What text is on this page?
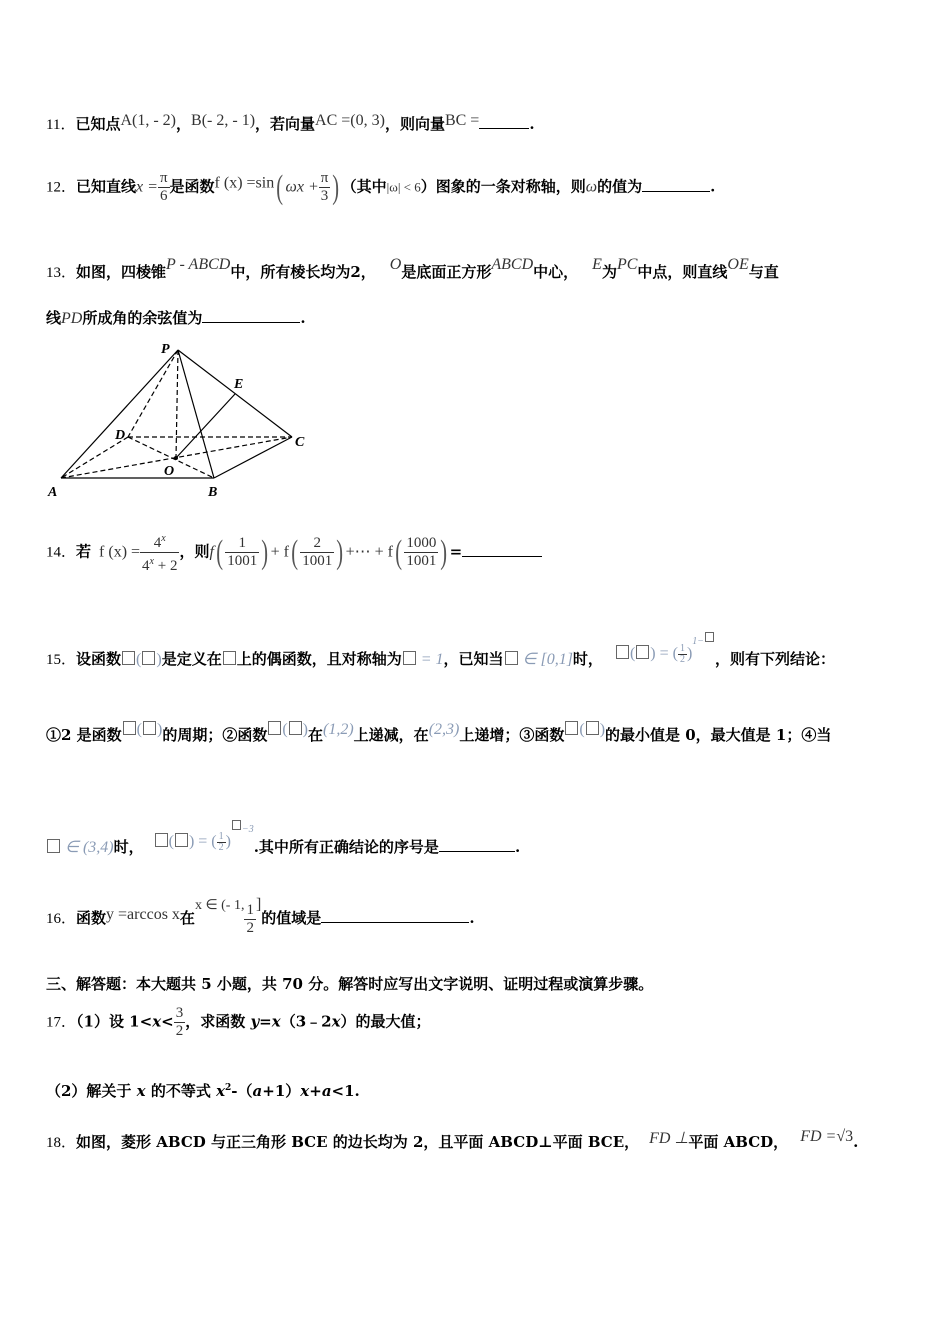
11．已知点A(1, - 2)，B(- 2, - 1)，若向量AC =(0, 3)，则向量BC =	.
12．已知直线$x = \frac{\pi}{6}$ 是函数f (x) =sin( $\omega x + \frac{\pi}{3}$ ) （其中|ω| < 6）图象的一条对称轴，则ω的值为	.
13．如图，四棱锥P - ABCD中，所有棱长均为2， O是底面正方形ABCD中心， E为PC中点，则直线OE与直
线PD所成角的余弦值为	.
P
E
D	C
O
A	B
14．若 f $(x) = \frac{4^x}{4^x + 2}$ ，则$f( \frac{1}{1001}$ ) + $f( \frac{2}{1001}$ ) +⋯ + $f( \frac{1000}{1001}$ ) =
15．设函数 ( )是定义在 上的偶函数，且对称轴为 = 1，已知当 ∈ [0,1]时， ( ) = ( $\frac{1}{2} )^{1-}$，则有下列结论：
①2 是函数 ( )的周期；②函数 ( )在(1,2)上递减，在(2,3)上递增；③函数 ( )的最小值是 0，最大值是 1；④当
∈ (3,4)时， ( ) = ( $\frac{1}{2} )^{-3}$.其中所有正确结论的序号是	.
16．函数y =arccos x在x ∈ (- 1, $\frac{1}{2}$ ]的值域是	.
三、解答题：本大题共 5 小题，共 70 分。解答时应写出文字说明、证明过程或演算步骤。
17．（1）设 $1<x< \frac{3}{2}$ ，求函数 y=x（3﹣2x）的最大值；
（2）解关于 x 的不等式 $x^2-(a+1)x+a<1$.
18．如图，菱形 ABCD 与正三角形 BCE 的边长均为 2，且平面 ABCD⊥平面 BCE， FD ⊥平面 ABCD， FD =√3.
